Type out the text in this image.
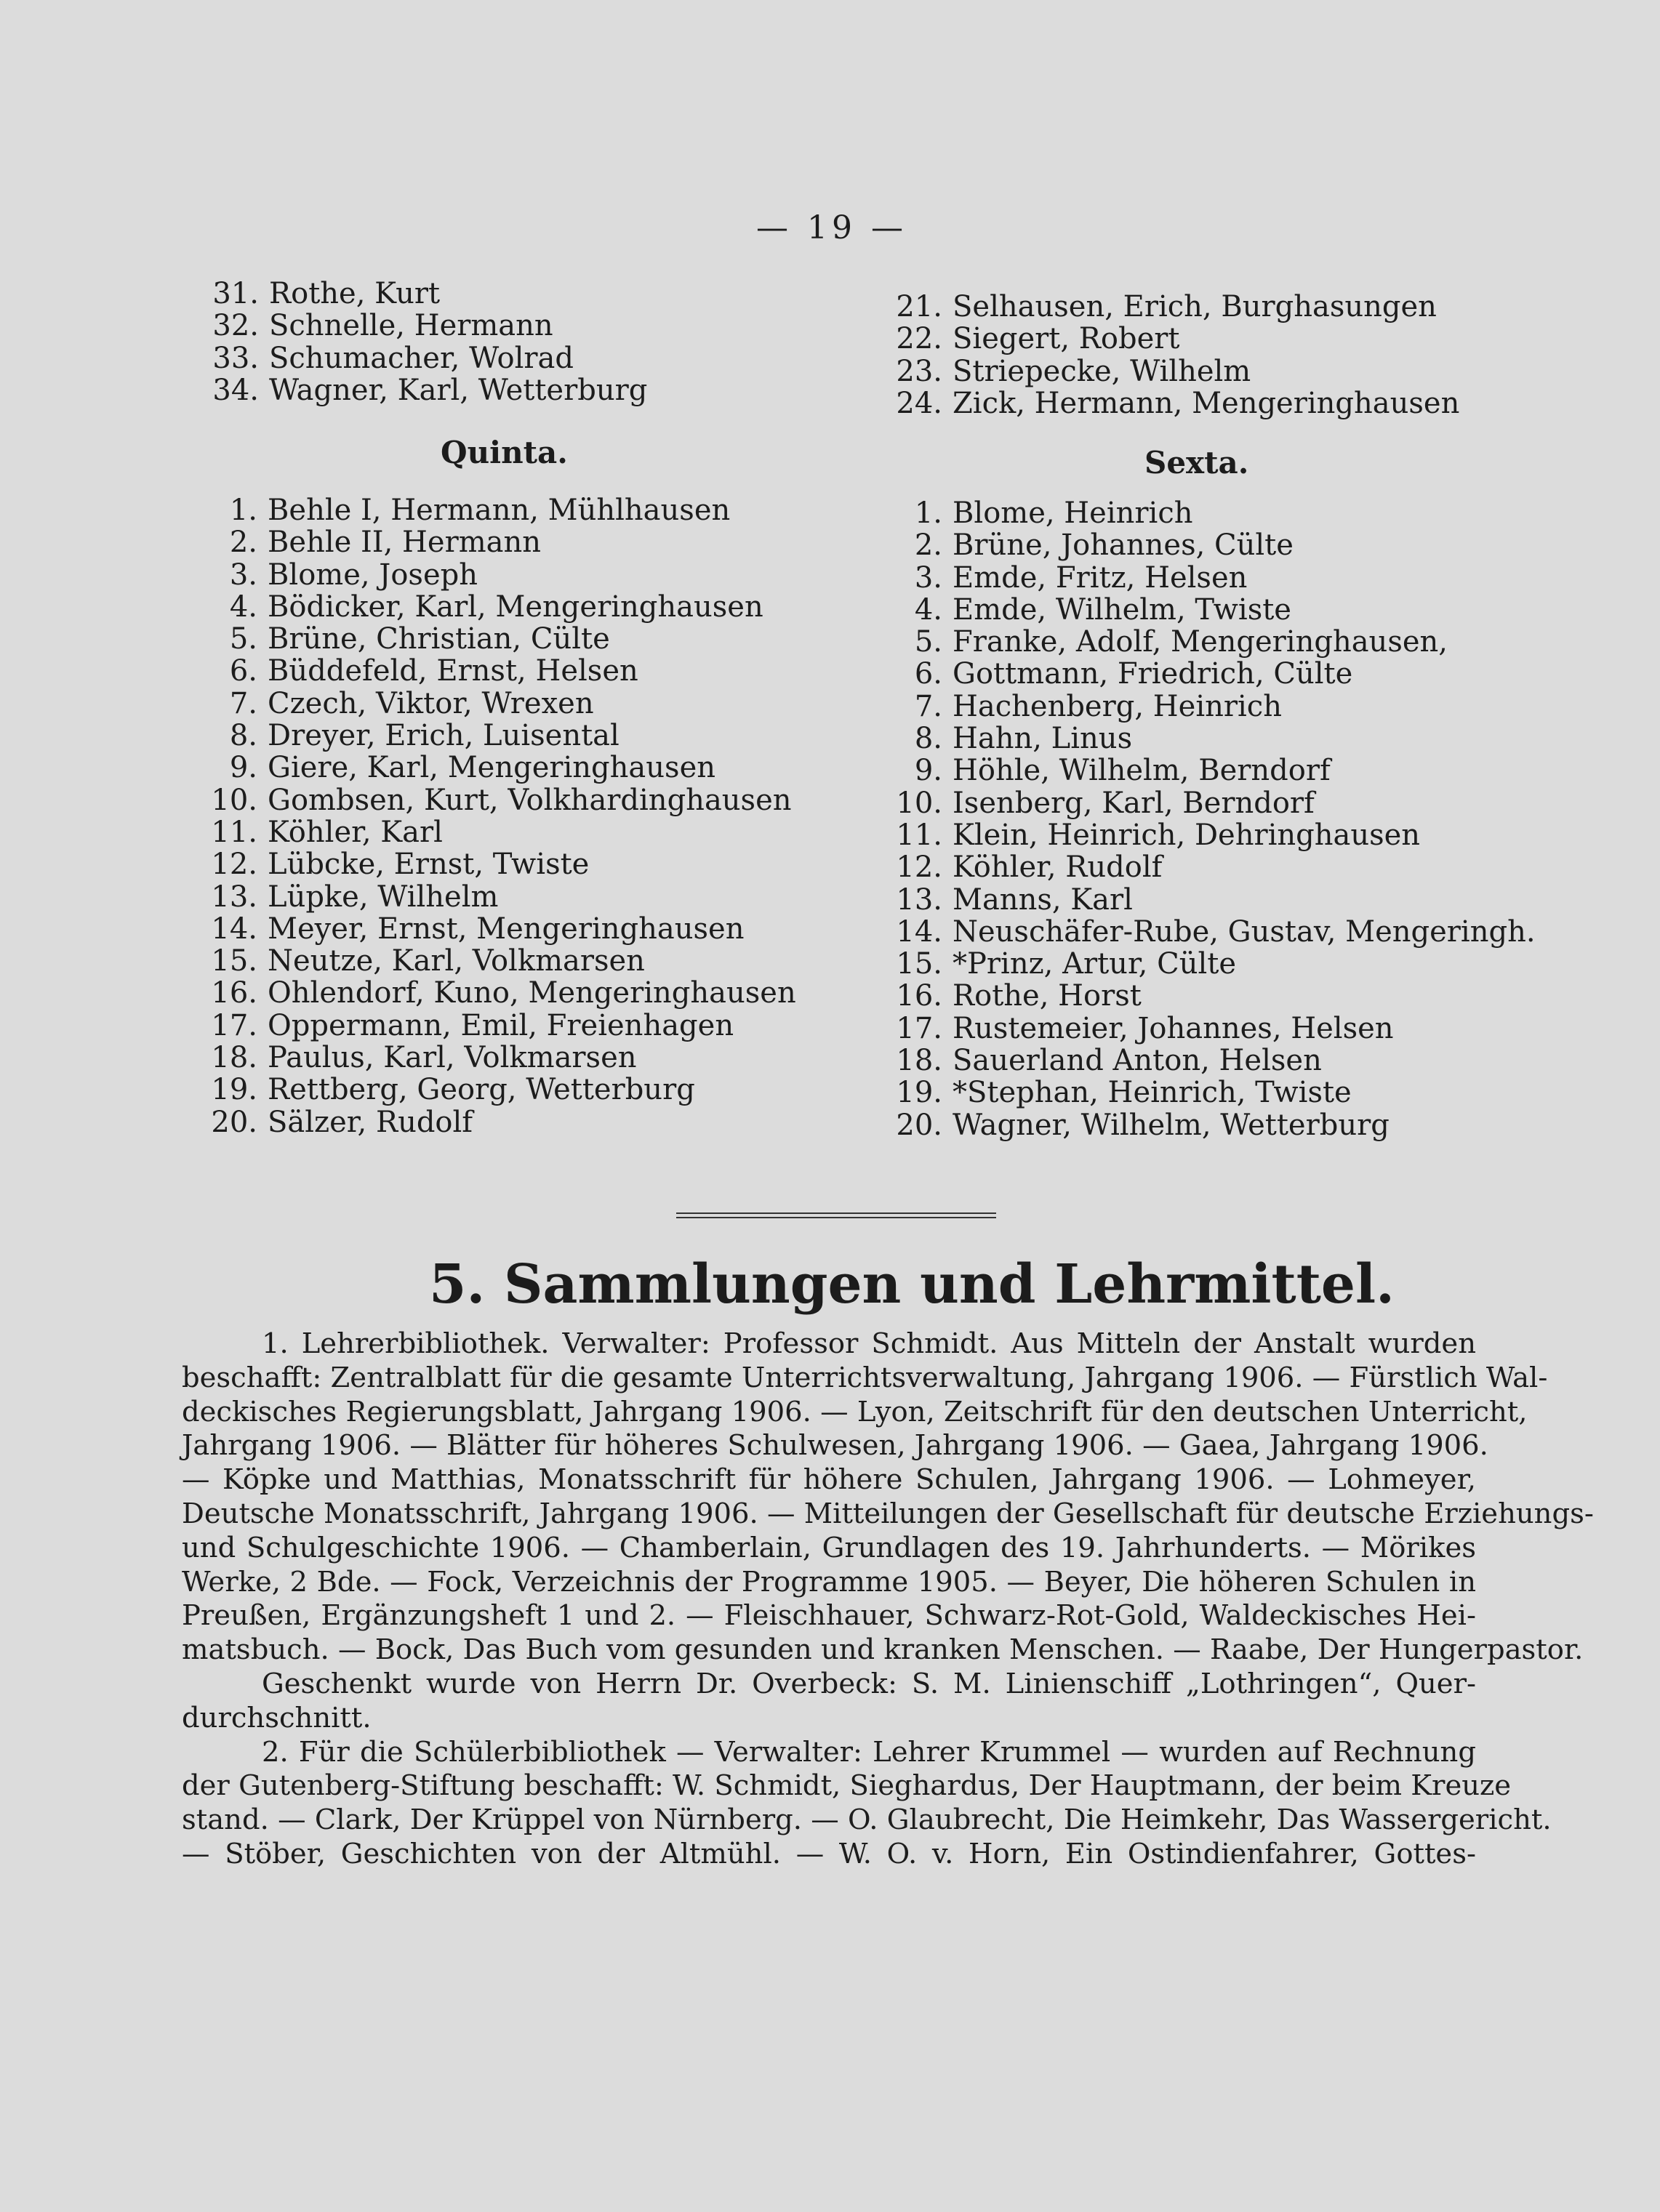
— 19 —
31. Rothe, Kurt
32. Schnelle, Hermann
33. Schumacher, Wolrad
34. Wagner, Karl, Wetterburg
21. Selhausen, Erich, Burghasungen
22. Siegert, Robert
23. Striepecke, Wilhelm
24. Zick, Hermann, Mengeringhausen
Quinta.	Sexta.
1. Behle I, Hermann, Mühlhausen
2. Behle II, Hermann
3. Blome, Joseph
4. Bödicker, Karl, Mengeringhausen
5. Brüne, Christian, Cülte
6. Büddefeld, Ernst, Helsen
7. Czech, Viktor, Wrexen
8. Dreyer, Erich, Luisental
9. Giere, Karl, Mengeringhausen
10. Gombsen, Kurt, Volkhardinghausen
11. Köhler, Karl
12. Lübcke, Ernst, Twiste
13. Lüpke, Wilhelm
14. Meyer, Ernst, Mengeringhausen
15. Neutze, Karl, Volkmarsen
16. Ohlendorf, Kuno, Mengeringhausen
17. Oppermann, Emil, Freienhagen
18. Paulus, Karl, Volkmarsen
19. Rettberg, Georg, Wetterburg
20. Sälzer, Rudolf
1. Blome, Heinrich
2. Brüne, Johannes, Cülte
3. Emde, Fritz, Helsen
4. Emde, Wilhelm, Twiste
5. Franke, Adolf, Mengeringhausen,
6. Gottmann, Friedrich, Cülte
7. Hachenberg, Heinrich
8. Hahn, Linus
9. Höhle, Wilhelm, Berndorf
10. Isenberg, Karl, Berndorf
11. Klein, Heinrich, Dehringhausen
12. Köhler, Rudolf
13. Manns, Karl
14. Neuschäfer-Rube, Gustav, Mengeringh.
15. *Prinz, Artur, Cülte
16. Rothe, Horst
17. Rustemeier, Johannes, Helsen
18. Sauerland Anton, Helsen
19. *Stephan, Heinrich, Twiste
20. Wagner, Wilhelm, Wetterburg
5. Sammlungen und Lehrmittel.
1. Lehrerbibliothek. Verwalter: Professor Schmidt. Aus Mitteln der Anstalt wurden
beschafft: Zentralblatt für die gesamte Unterrichtsverwaltung, Jahrgang 1906. — Fürstlich Wal-
deckisches Regierungsblatt, Jahrgang 1906. — Lyon, Zeitschrift für den deutschen Unterricht,
Jahrgang 1906. — Blätter für höheres Schulwesen, Jahrgang 1906. — Gaea, Jahrgang 1906.
— Köpke und Matthias, Monatsschrift für höhere Schulen, Jahrgang 1906. — Lohmeyer,
Deutsche Monatsschrift, Jahrgang 1906. — Mitteilungen der Gesellschaft für deutsche Erziehungs-
und Schulgeschichte 1906. — Chamberlain, Grundlagen des 19. Jahrhunderts. — Mörikes
Werke, 2 Bde. — Fock, Verzeichnis der Programme 1905. — Beyer, Die höheren Schulen in
Preußen, Ergänzungsheft 1 und 2. — Fleischhauer, Schwarz-Rot-Gold, Waldeckisches Hei-
matsbuch. — Bock, Das Buch vom gesunden und kranken Menschen. — Raabe, Der Hungerpastor.
Geschenkt wurde von Herrn Dr. Overbeck: S. M. Linienschiff „Lothringen“, Quer-
durchschnitt.
2. Für die Schülerbibliothek — Verwalter: Lehrer Krummel — wurden auf Rechnung
der Gutenberg-Stiftung beschafft: W. Schmidt, Sieghardus, Der Hauptmann, der beim Kreuze
stand. — Clark, Der Krüppel von Nürnberg. — O. Glaubrecht, Die Heimkehr, Das Wassergericht.
— Stöber, Geschichten von der Altmühl. — W. O. v. Horn, Ein Ostindienfahrer, Gottes-
